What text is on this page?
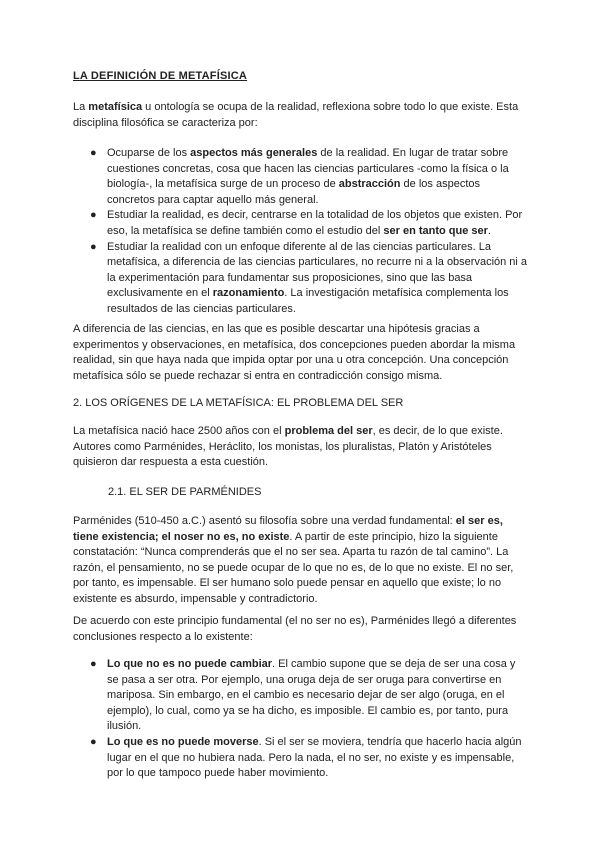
LA DEFINICIÓN DE METAFÍSICA

La metafísica u ontología se ocupa de la realidad, reflexiona sobre todo lo que existe. Esta disciplina filosófica se caracteriza por:

● Ocuparse de los aspectos más generales de la realidad. En lugar de tratar sobre cuestiones concretas, cosa que hacen las ciencias particulares -como la física o la biología-, la metafísica surge de un proceso de abstracción de los aspectos concretos para captar aquello más general.
● Estudiar la realidad, es decir, centrarse en la totalidad de los objetos que existen. Por eso, la metafísica se define también como el estudio del ser en tanto que ser.
● Estudiar la realidad con un enfoque diferente al de las ciencias particulares. La metafísica, a diferencia de las ciencias particulares, no recurre ni a la observación ni a la experimentación para fundamentar sus proposiciones, sino que las basa exclusivamente en el razonamiento. La investigación metafísica complementa los resultados de las ciencias particulares.

A diferencia de las ciencias, en las que es posible descartar una hipótesis gracias a experimentos y observaciones, en metafísica, dos concepciones pueden abordar la misma realidad, sin que haya nada que impida optar por una u otra concepción. Una concepción metafísica sólo se puede rechazar si entra en contradicción consigo misma.

2. LOS ORÍGENES DE LA METAFÍSICA: EL PROBLEMA DEL SER

La metafísica nació hace 2500 años con el problema del ser, es decir, de lo que existe. Autores como Parménides, Heráclito, los monistas, los pluralistas, Platón y Aristóteles quisieron dar respuesta a esta cuestión.

2.1. EL SER DE PARMÉNIDES

Parménides (510-450 a.C.) asentó su filosofía sobre una verdad fundamental: el ser es, tiene existencia; el noser no es, no existe. A partir de este principio, hizo la siguiente constatación: “Nunca comprenderás que el no ser sea. Aparta tu razón de tal camino”. La razón, el pensamiento, no se puede ocupar de lo que no es, de lo que no existe. El no ser, por tanto, es impensable. El ser humano solo puede pensar en aquello que existe; lo no existente es absurdo, impensable y contradictorio.

De acuerdo con este principio fundamental (el no ser no es), Parménides llegó a diferentes conclusiones respecto a lo existente:

● Lo que no es no puede cambiar. El cambio supone que se deja de ser una cosa y se pasa a ser otra. Por ejemplo, una oruga deja de ser oruga para convertirse en mariposa. Sin embargo, en el cambio es necesario dejar de ser algo (oruga, en el ejemplo), lo cual, como ya se ha dicho, es imposible. El cambio es, por tanto, pura ilusión.
● Lo que es no puede moverse. Si el ser se moviera, tendría que hacerlo hacia algún lugar en el que no hubiera nada. Pero la nada, el no ser, no existe y es impensable, por lo que tampoco puede haber movimiento.
